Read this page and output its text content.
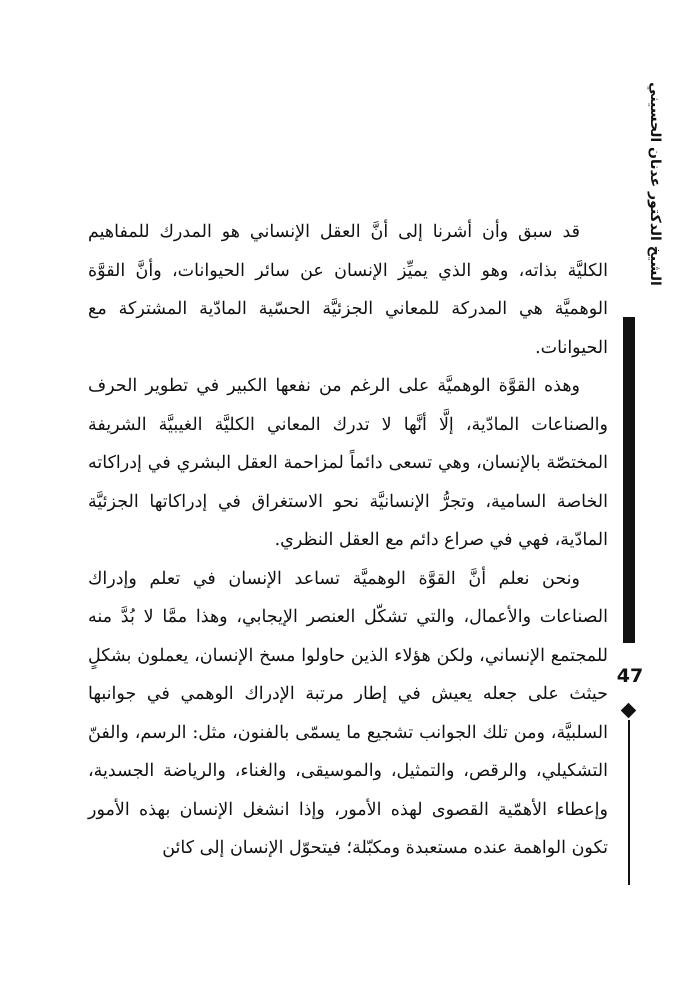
الشيخ الدكتور عدنان الحسيني
47

قد سبق وأن أشرنا إلى أنَّ العقل الإنساني هو المدرك للمفاهيم الكليَّة بذاته، وهو الذي يميِّز الإنسان عن سائر الحيوانات، وأنَّ القوَّة الوهميَّة هي المدركة للمعاني الجزئيَّة الحسّية المادّية المشتركة مع الحيوانات.

وهذه القوَّة الوهميَّة على الرغم من نفعها الكبير في تطوير الحرف والصناعات المادّية، إلَّا أنَّها لا تدرك المعاني الكليَّة الغيبيَّة الشريفة المختصّة بالإنسان، وهي تسعى دائماً لمزاحمة العقل البشري في إدراكاته الخاصة السامية، وتجرُّ الإنسانيَّة نحو الاستغراق في إدراكاتها الجزئيَّة المادّية، فهي في صراع دائم مع العقل النظري.

ونحن نعلم أنَّ القوَّة الوهميَّة تساعد الإنسان في تعلم وإدراك الصناعات والأعمال، والتي تشكّل العنصر الإيجابي، وهذا ممَّا لا بُدَّ منه للمجتمع الإنساني، ولكن هؤلاء الذين حاولوا مسخ الإنسان، يعملون بشكلٍ حيثث على جعله يعيش في إطار مرتبة الإدراك الوهمي في جوانبها السلبيَّة، ومن تلك الجوانب تشجيع ما يسمّى بالفنون، مثل: الرسم، والفنّ التشكيلي، والرقص، والتمثيل، والموسيقى، والغناء، والرياضة الجسدية، وإعطاء الأهمّية القصوى لهذه الأمور، وإذا انشغل الإنسان بهذه الأمور تكون الواهمة عنده مستعبدة ومكبّلة؛ فيتحوّل الإنسان إلى كائن
